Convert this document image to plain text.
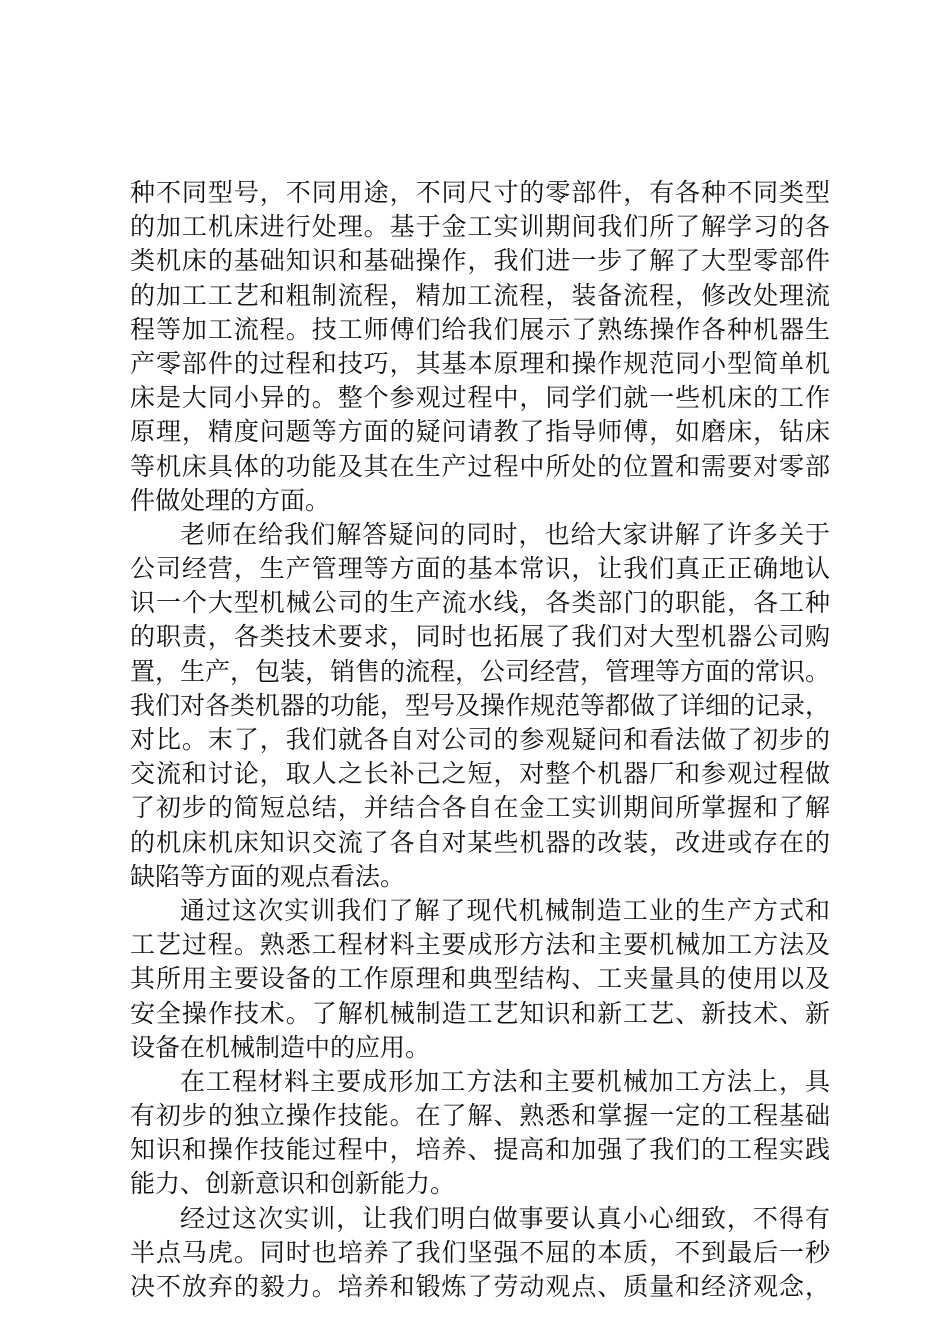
种不同型号，不同用途，不同尺寸的零部件，有各种不同类型
的加工机床进行处理。基于金工实训期间我们所了解学习的各
类机床的基础知识和基础操作，我们进一步了解了大型零部件
的加工工艺和粗制流程，精加工流程，装备流程，修改处理流
程等加工流程。技工师傅们给我们展示了熟练操作各种机器生
产零部件的过程和技巧，其基本原理和操作规范同小型简单机
床是大同小异的。整个参观过程中，同学们就一些机床的工作
原理，精度问题等方面的疑问请教了指导师傅，如磨床，钻床
等机床具体的功能及其在生产过程中所处的位置和需要对零部
件做处理的方面。
老师在给我们解答疑问的同时，也给大家讲解了许多关于
公司经营，生产管理等方面的基本常识，让我们真正正确地认
识一个大型机械公司的生产流水线，各类部门的职能，各工种
的职责，各类技术要求，同时也拓展了我们对大型机器公司购
置，生产，包装，销售的流程，公司经营，管理等方面的常识。
我们对各类机器的功能，型号及操作规范等都做了详细的记录，
对比。末了，我们就各自对公司的参观疑问和看法做了初步的
交流和讨论，取人之长补己之短，对整个机器厂和参观过程做
了初步的简短总结，并结合各自在金工实训期间所掌握和了解
的机床机床知识交流了各自对某些机器的改装，改进或存在的
缺陷等方面的观点看法。
通过这次实训我们了解了现代机械制造工业的生产方式和
工艺过程。熟悉工程材料主要成形方法和主要机械加工方法及
其所用主要设备的工作原理和典型结构、工夹量具的使用以及
安全操作技术。了解机械制造工艺知识和新工艺、新技术、新
设备在机械制造中的应用。
在工程材料主要成形加工方法和主要机械加工方法上，具
有初步的独立操作技能。在了解、熟悉和掌握一定的工程基础
知识和操作技能过程中，培养、提高和加强了我们的工程实践
能力、创新意识和创新能力。
经过这次实训，让我们明白做事要认真小心细致，不得有
半点马虎。同时也培养了我们坚强不屈的本质，不到最后一秒
决不放弃的毅力。培养和锻炼了劳动观点、质量和经济观念，
